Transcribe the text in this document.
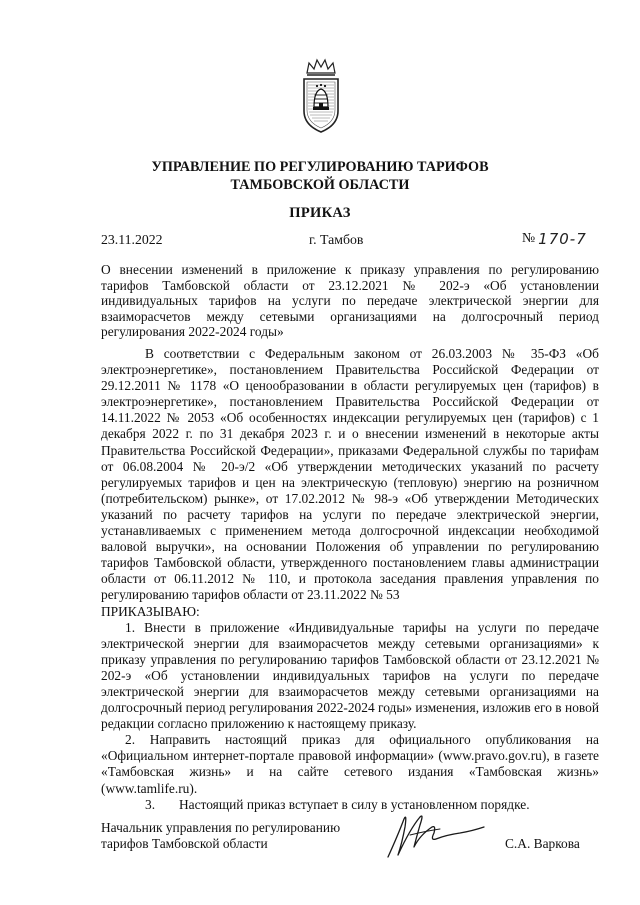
УПРАВЛЕНИЕ ПО РЕГУЛИРОВАНИЮ ТАРИФОВ
ТАМБОВСКОЙ ОБЛАСТИ
ПРИКАЗ
23.11.2022	г. Тамбов	№ 170-7
О внесении изменений в приложение к приказу управления по регулированию тарифов Тамбовской области от 23.12.2021 № 202-э «Об установлении индивидуальных тарифов на услуги по передаче электрической энергии для взаиморасчетов между сетевыми организациями на долгосрочный период регулирования 2022-2024 годы»

В соответствии с Федеральным законом от 26.03.2003 № 35-ФЗ «Об электроэнергетике», постановлением Правительства Российской Федерации от 29.12.2011 № 1178 «О ценообразовании в области регулируемых цен (тарифов) в электроэнергетике», постановлением Правительства Российской Федерации от 14.11.2022 № 2053 «Об особенностях индексации регулируемых цен (тарифов) с 1 декабря 2022 г. по 31 декабря 2023 г. и о внесении изменений в некоторые акты Правительства Российской Федерации», приказами Федеральной службы по тарифам от 06.08.2004 № 20-э/2 «Об утверждении методических указаний по расчету регулируемых тарифов и цен на электрическую (тепловую) энергию на розничном (потребительском) рынке», от 17.02.2012 № 98-э «Об утверждении Методических указаний по расчету тарифов на услуги по передаче электрической энергии, устанавливаемых с применением метода долгосрочной индексации необходимой валовой выручки», на основании Положения об управлении по регулированию тарифов Тамбовской области, утвержденного постановлением главы администрации области от 06.11.2012 № 110, и протокола заседания правления управления по регулированию тарифов области от 23.11.2022 № 53

ПРИКАЗЫВАЮ:

1. Внести в приложение «Индивидуальные тарифы на услуги по передаче электрической энергии для взаиморасчетов между сетевыми организациями» к приказу управления по регулированию тарифов Тамбовской области от 23.12.2021 № 202-э «Об установлении индивидуальных тарифов на услуги по передаче электрической энергии для взаиморасчетов между сетевыми организациями на долгосрочный период регулирования 2022-2024 годы» изменения, изложив его в новой редакции согласно приложению к настоящему приказу.

2. Направить настоящий приказ для официального опубликования на «Официальном интернет-портале правовой информации» (www.pravo.gov.ru), в газете «Тамбовская жизнь» и на сайте сетевого издания «Тамбовская жизнь» (www.tamlife.ru).

3.	Настоящий приказ вступает в силу в установленном порядке.

Начальник управления по регулированию
тарифов Тамбовской области	С.А. Варкова
